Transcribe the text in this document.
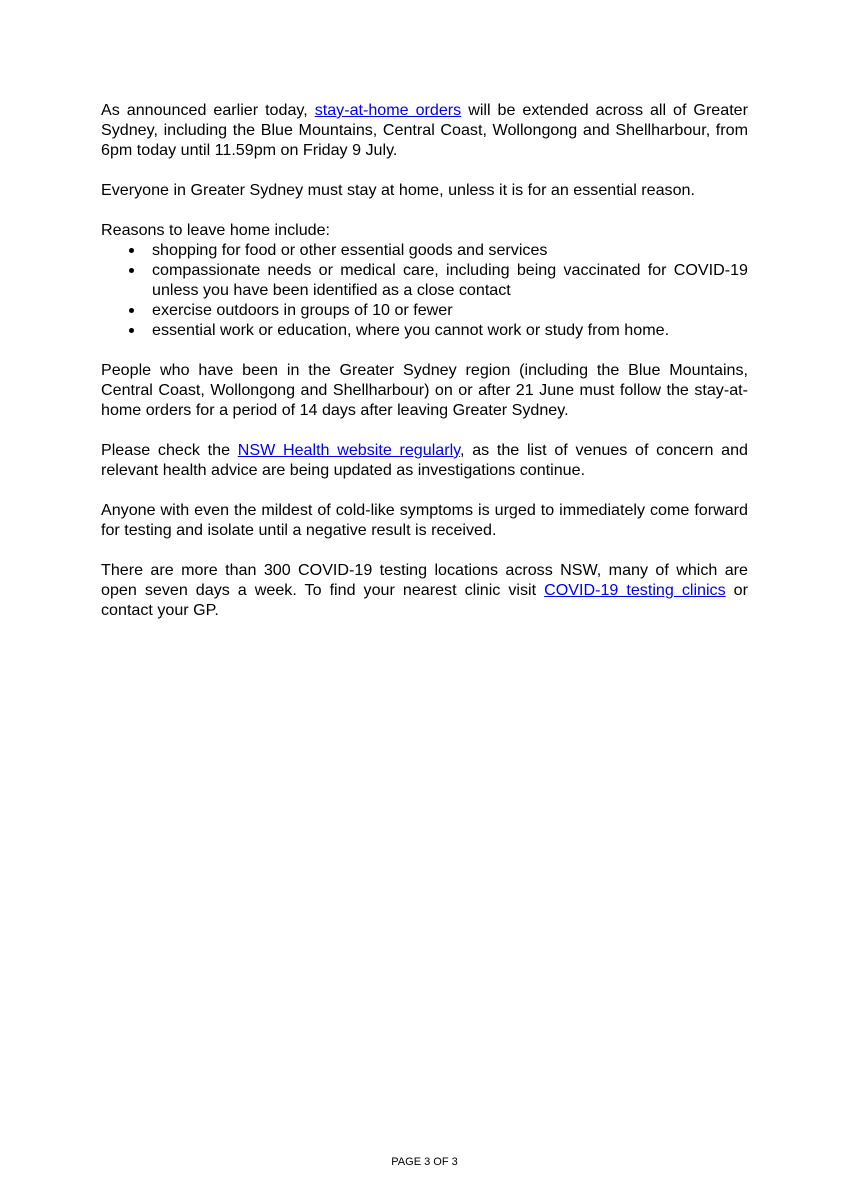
As announced earlier today, stay-at-home orders will be extended across all of Greater Sydney, including the Blue Mountains, Central Coast, Wollongong and Shellharbour, from 6pm today until 11.59pm on Friday 9 July.

Everyone in Greater Sydney must stay at home, unless it is for an essential reason.

Reasons to leave home include:

shopping for food or other essential goods and services
compassionate needs or medical care, including being vaccinated for COVID-19 unless you have been identified as a close contact
exercise outdoors in groups of 10 or fewer
essential work or education, where you cannot work or study from home.

People who have been in the Greater Sydney region (including the Blue Mountains, Central Coast, Wollongong and Shellharbour) on or after 21 June must follow the stay-at-home orders for a period of 14 days after leaving Greater Sydney.

Please check the NSW Health website regularly, as the list of venues of concern and relevant health advice are being updated as investigations continue.

Anyone with even the mildest of cold-like symptoms is urged to immediately come forward for testing and isolate until a negative result is received.

There are more than 300 COVID-19 testing locations across NSW, many of which are open seven days a week. To find your nearest clinic visit COVID-19 testing clinics or contact your GP.

PAGE 3 OF 3
